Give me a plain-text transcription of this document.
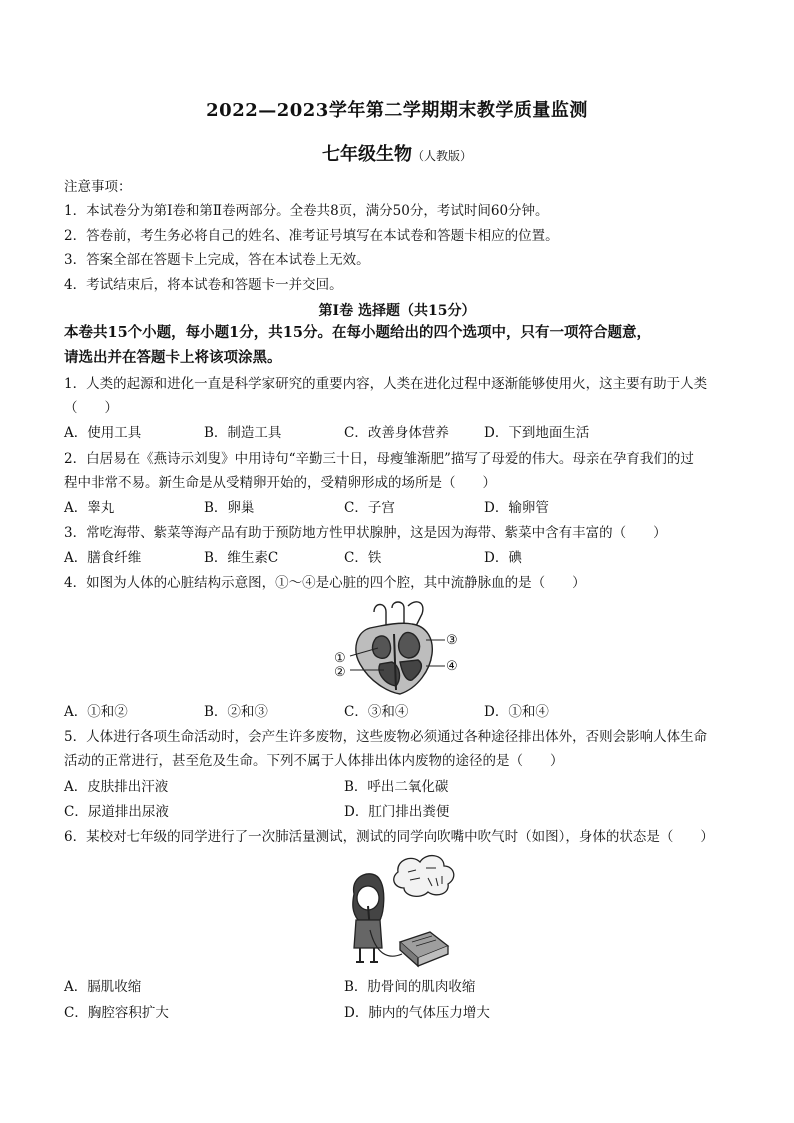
2022—2023学年第二学期期末教学质量监测
七年级生物（人教版）
注意事项：
1．本试卷分为第Ⅰ卷和第Ⅱ卷两部分。全卷共8页，满分50分，考试时间60分钟。
2．答卷前，考生务必将自己的姓名、准考证号填写在本试卷和答题卡相应的位置。
3．答案全部在答题卡上完成，答在本试卷上无效。
4．考试结束后，将本试卷和答题卡一并交回。
第Ⅰ卷 选择题（共15分）
本卷共15个小题，每小题1分，共15分。在每小题给出的四个选项中，只有一项符合题意，
请选出并在答题卡上将该项涂黑。
1．人类的起源和进化一直是科学家研究的重要内容，人类在进化过程中逐渐能够使用火，这主要有助于人类
（　　）
A．使用工具	B．制造工具	C．改善身体营养	D．下到地面生活
2．白居易在《燕诗示刘叟》中用诗句“辛勤三十日，母瘦雏渐肥”描写了母爱的伟大。母亲在孕育我们的过
程中非常不易。新生命是从受精卵开始的，受精卵形成的场所是（　　）
A．睾丸	B．卵巢	C．子宫	D．输卵管
3．常吃海带、紫菜等海产品有助于预防地方性甲状腺肿，这是因为海带、紫菜中含有丰富的（　　）
A．膳食纤维	B．维生素C	C．铁	D．碘
4．如图为人体的心脏结构示意图，①～④是心脏的四个腔，其中流静脉血的是（　　）
①
②
③
④
A．①和②	B．②和③	C．③和④	D．①和④
5．人体进行各项生命活动时，会产生许多废物，这些废物必须通过各种途径排出体外，否则会影响人体生命
活动的正常进行，甚至危及生命。下列不属于人体排出体内废物的途径的是（　　）
A．皮肤排出汗液	B．呼出二氧化碳
C．尿道排出尿液	D．肛门排出粪便
6．某校对七年级的同学进行了一次肺活量测试，测试的同学向吹嘴中吹气时（如图），身体的状态是（　　）
A．膈肌收缩	B．肋骨间的肌肉收缩
C．胸腔容积扩大	D．肺内的气体压力增大
